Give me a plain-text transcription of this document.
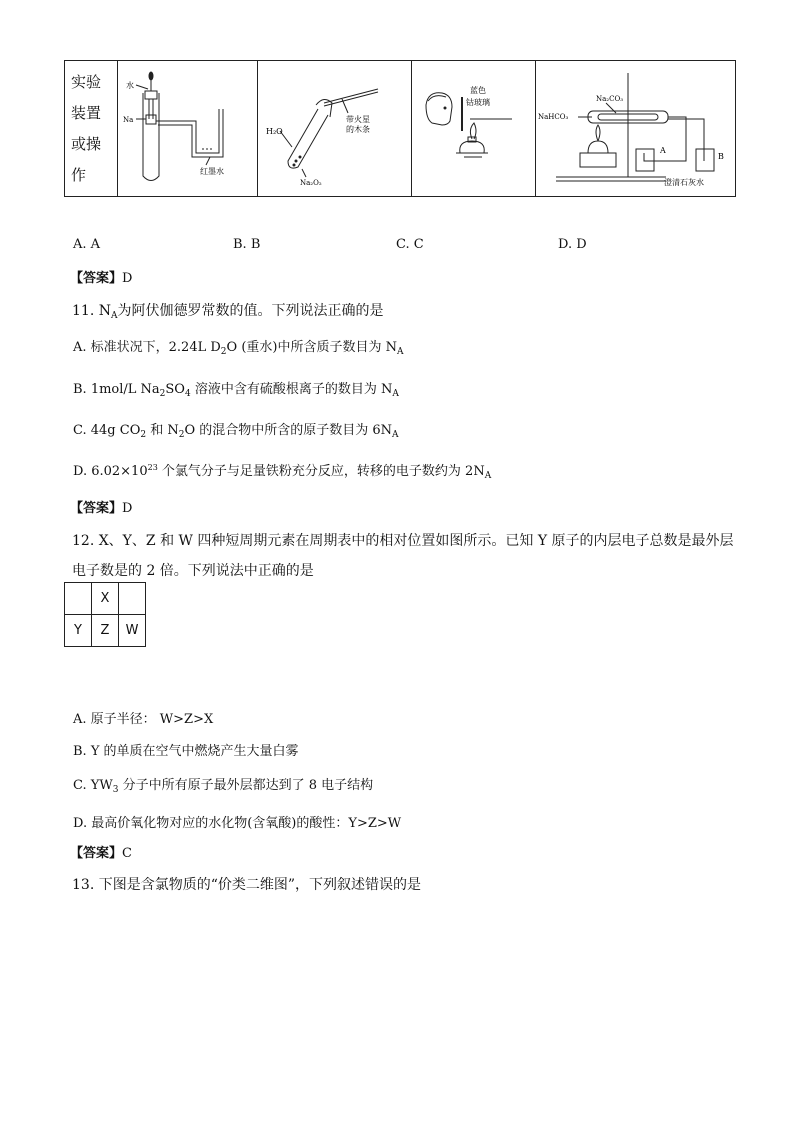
实验
装置
或操
作

水
Na
红墨水

H₂O
Na₂O₂
带火星
的木条

蓝色
钴玻璃	Na₂CO₃
NaHCO₃
A
B
澄清石灰水
A. A	B. B	C. C	D. D
【答案】D
11. $N_A$为阿伏伽德罗常数的值。下列说法正确的是
A. 标准状况下，2.24L $D_2O$ (重水)中所含质子数目为 $N_A$
B. 1mol/L $Na_2SO_4$ 溶液中含有硫酸根离子的数目为 $N_A$
C. 44g $CO_2$ 和 $N_2O$ 的混合物中所含的原子数目为 $6N_A$
D. $6.02\times 10^{23}$ 个氯气分子与足量铁粉充分反应，转移的电子数约为 $2N_A$
【答案】D
12. X、Y、Z 和 W 四种短周期元素在周期表中的相对位置如图所示。已知 Y 原子的内层电子总数是最外层
电子数是的 2 倍。下列说法中正确的是
	X	
Y	Z	W
A. 原子半径： W>Z>X
B. Y 的单质在空气中燃烧产生大量白雾
C. $YW_3$ 分子中所有原子最外层都达到了 8 电子结构
D. 最高价氧化物对应的水化物(含氧酸)的酸性：Y>Z>W
【答案】C
13. 下图是含氯物质的“价类二维图”，下列叙述错误的是
